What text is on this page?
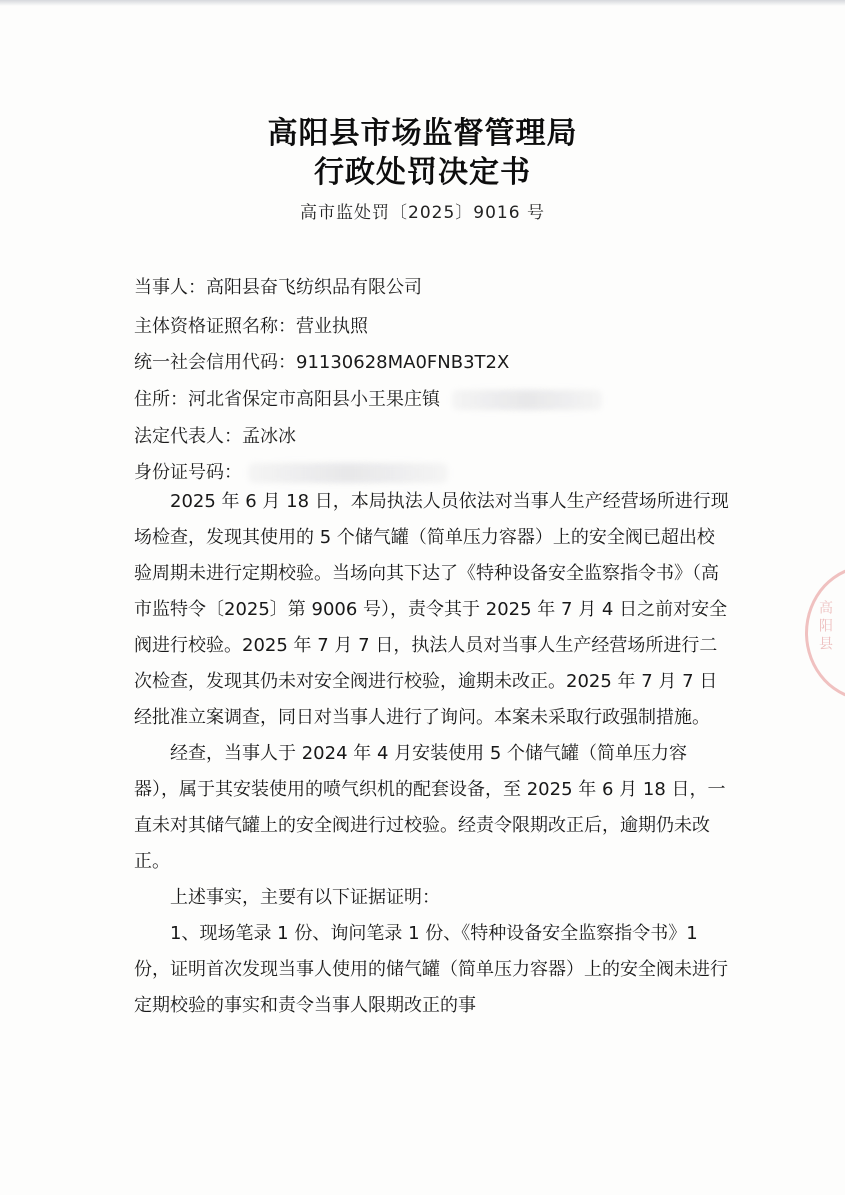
高阳县市场监督管理局
行政处罚决定书
高市监处罚〔2025〕9016 号
当事人：高阳县奋飞纺织品有限公司
主体资格证照名称：营业执照
统一社会信用代码：91130628MA0FNB3T2X
住所：河北省保定市高阳县小王果庄镇
法定代表人：孟冰冰
身份证号码：

2025 年 6 月 18 日，本局执法人员依法对当事人生产经营场所进行现场检查，发现其使用的 5 个储气罐（简单压力容器）上的安全阀已超出校验周期未进行定期校验。当场向其下达了《特种设备安全监察指令书》（高市监特令〔2025〕第 9006 号），责令其于 2025 年 7 月 4 日之前对安全阀进行校验。2025 年 7 月 7 日，执法人员对当事人生产经营场所进行二次检查，发现其仍未对安全阀进行校验，逾期未改正。2025 年 7 月 7 日经批准立案调查，同日对当事人进行了询问。本案未采取行政强制措施。

经查，当事人于 2024 年 4 月安装使用 5 个储气罐（简单压力容器），属于其安装使用的喷气织机的配套设备，至 2025 年 6 月 18 日，一直未对其储气罐上的安全阀进行过校验。经责令限期改正后，逾期仍未改正。

上述事实，主要有以下证据证明：

1、现场笔录 1 份、询问笔录 1 份、《特种设备安全监察指令书》1 份，证明首次发现当事人使用的储气罐（简单压力容器）上的安全阀未进行定期校验的事实和责令当事人限期改正的事

高阳县
